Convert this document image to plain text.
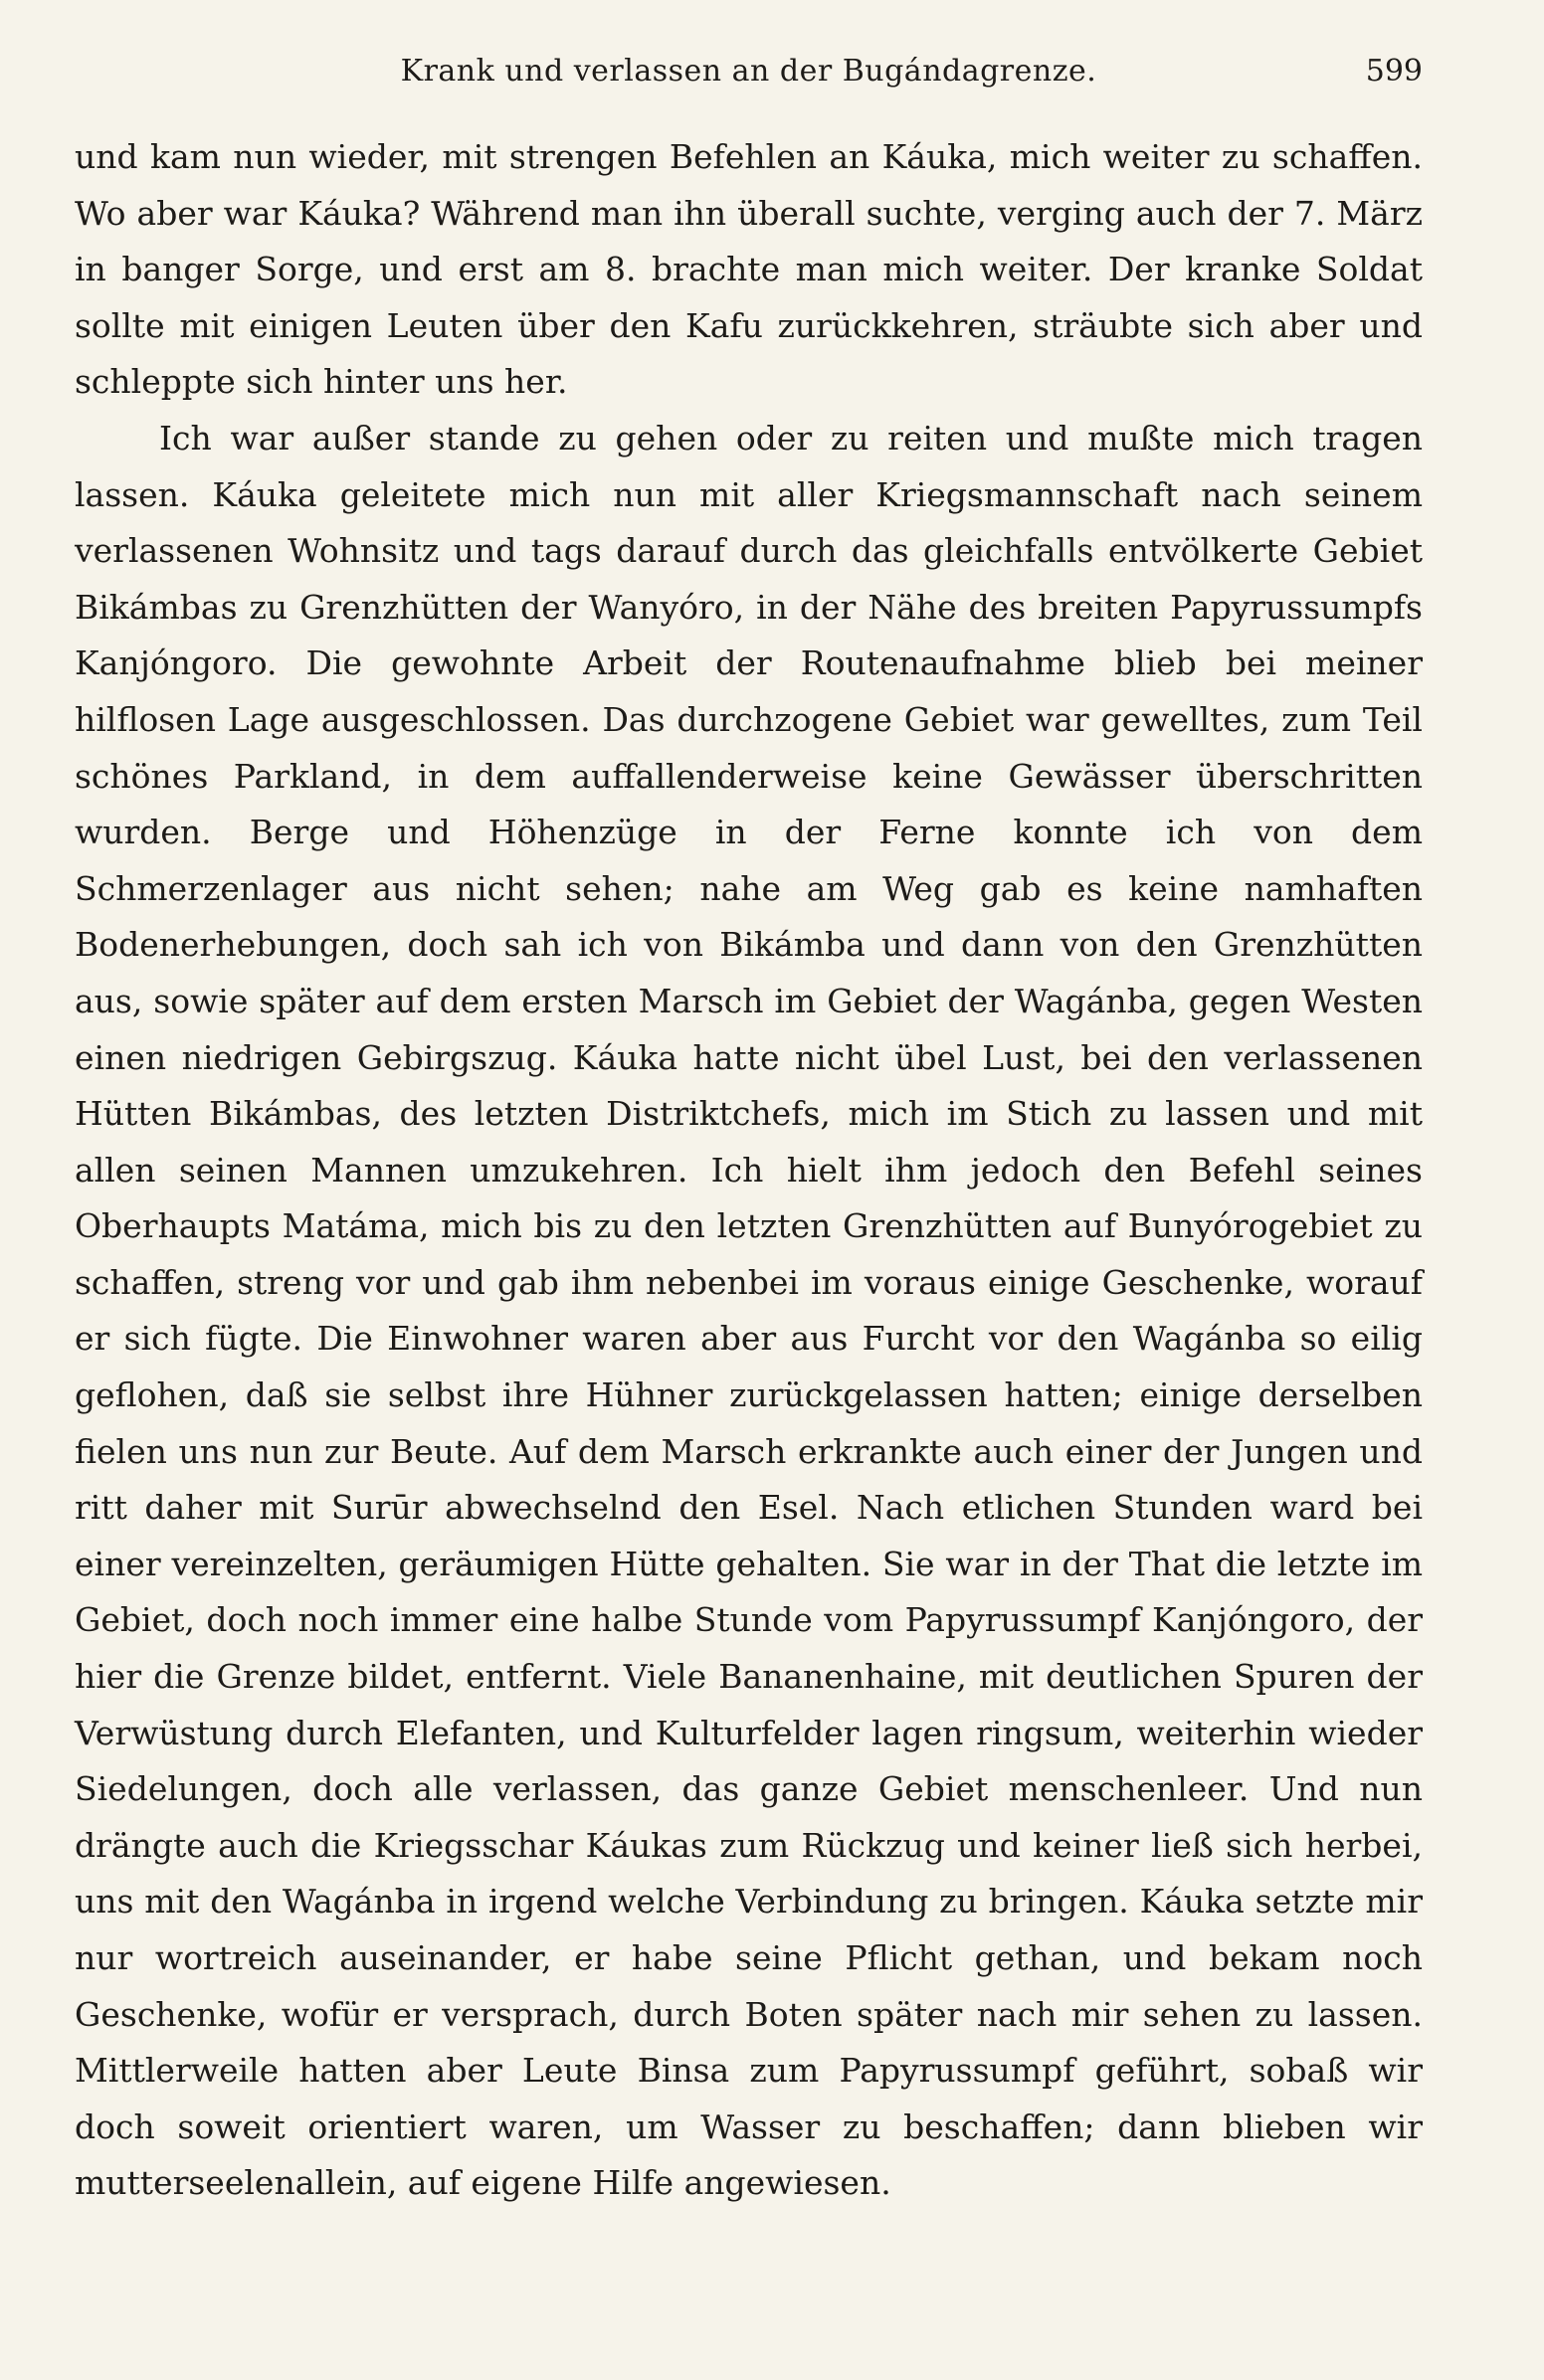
Krank und verlassen an der Bugándagrenze.	599

und kam nun wieder, mit strengen Befehlen an Káuka, mich weiter zu schaffen. Wo aber war Káuka? Während man ihn überall suchte, verging auch der 7. März in banger Sorge, und erst am 8. brachte man mich weiter. Der kranke Soldat sollte mit einigen Leuten über den Kafu zurückkehren, sträubte sich aber und schleppte sich hinter uns her.

Ich war außer stande zu gehen oder zu reiten und mußte mich tragen lassen. Káuka geleitete mich nun mit aller Kriegsmannschaft nach seinem verlassenen Wohnsitz und tags darauf durch das gleichfalls entvölkerte Gebiet Bikámbas zu Grenzhütten der Wanyóro, in der Nähe des breiten Papyrussumpfs Kanjóngoro. Die gewohnte Arbeit der Routenaufnahme blieb bei meiner hilflosen Lage ausgeschlossen. Das durchzogene Gebiet war gewelltes, zum Teil schönes Parkland, in dem auffallenderweise keine Gewässer überschritten wurden. Berge und Höhenzüge in der Ferne konnte ich von dem Schmerzenlager aus nicht sehen; nahe am Weg gab es keine namhaften Bodenerhebungen, doch sah ich von Bikámba und dann von den Grenzhütten aus, sowie später auf dem ersten Marsch im Gebiet der Wagánba, gegen Westen einen niedrigen Gebirgszug. Káuka hatte nicht übel Lust, bei den verlassenen Hütten Bikámbas, des letzten Distriktchefs, mich im Stich zu lassen und mit allen seinen Mannen umzukehren. Ich hielt ihm jedoch den Befehl seines Oberhaupts Matáma, mich bis zu den letzten Grenzhütten auf Bunyórogebiet zu schaffen, streng vor und gab ihm nebenbei im voraus einige Geschenke, worauf er sich fügte. Die Einwohner waren aber aus Furcht vor den Wagánba so eilig geflohen, daß sie selbst ihre Hühner zurückgelassen hatten; einige derselben fielen uns nun zur Beute. Auf dem Marsch erkrankte auch einer der Jungen und ritt daher mit Surūr abwechselnd den Esel. Nach etlichen Stunden ward bei einer vereinzelten, geräumigen Hütte gehalten. Sie war in der That die letzte im Gebiet, doch noch immer eine halbe Stunde vom Papyrussumpf Kanjóngoro, der hier die Grenze bildet, entfernt. Viele Bananenhaine, mit deutlichen Spuren der Verwüstung durch Elefanten, und Kulturfelder lagen ringsum, weiterhin wieder Siedelungen, doch alle verlassen, das ganze Gebiet menschenleer. Und nun drängte auch die Kriegsschar Káukas zum Rückzug und keiner ließ sich herbei, uns mit den Wagánba in irgend welche Verbindung zu bringen. Káuka setzte mir nur wortreich auseinander, er habe seine Pflicht gethan, und bekam noch Geschenke, wofür er versprach, durch Boten später nach mir sehen zu lassen. Mittlerweile hatten aber Leute Binsa zum Papyrussumpf geführt, sobaß wir doch soweit orientiert waren, um Wasser zu beschaffen; dann blieben wir mutterseelenallein, auf eigene Hilfe angewiesen.
